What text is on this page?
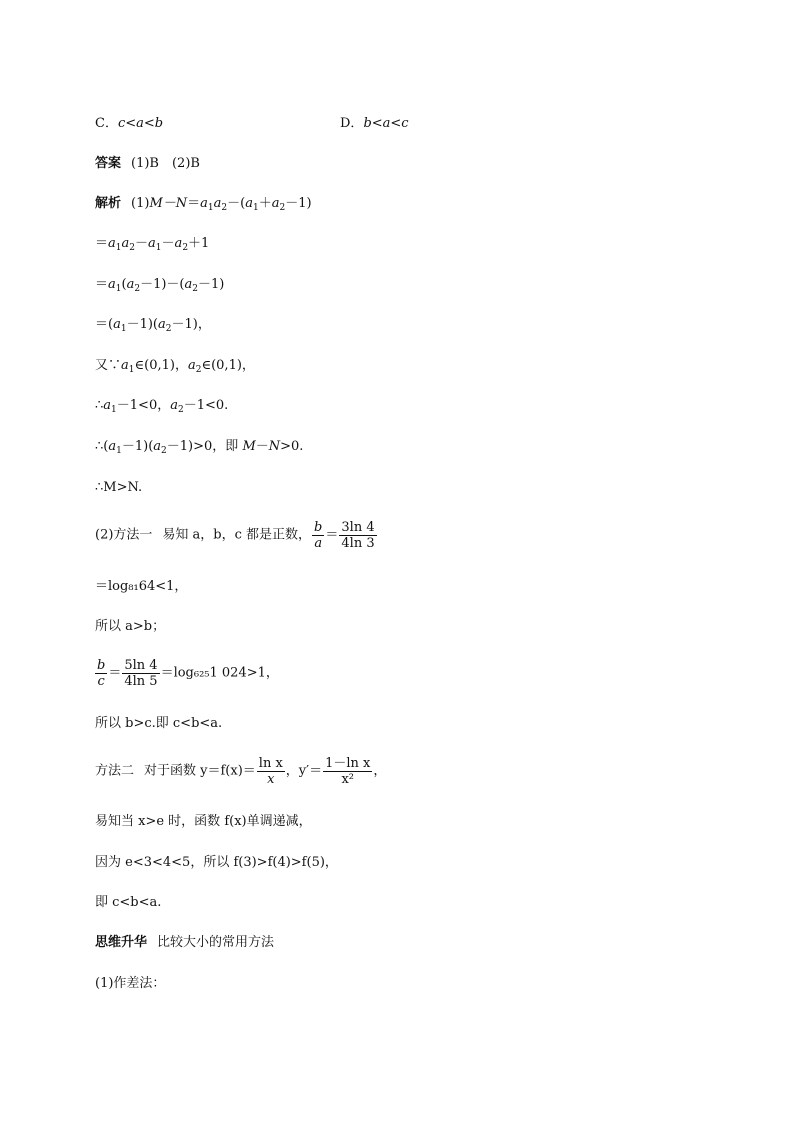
C．c<a<b	D．b<a<c
答案 (1)B　(2)B
解析 $(1)M-N=a_1a_2-(a_1+a_2-1)$
$=a_1a_2-a_1-a_2+1$
$=a_1(a_2-1)-(a_2-1)$
$=(a_1-1)(a_2-1)$，
又$\because a_1\in(0,1)$，$a_2\in(0,1)$，
$\therefore a_1-1<0$，$a_2-1<0$.
$\therefore(a_1-1)(a_2-1)>0$，即 M－N>0.
∴M>N.
(2)方法一 易知 a，b，c 都是正数， $\frac{b}{a} = \frac{3\ln 4}{4\ln 3}$
＝log₈₁64<1，
所以 a>b；
$\frac{b}{c} = \frac{5\ln 4}{4\ln 5} =\log_{625}1$ 024>1，
所以 b>c.即 c<b<a.
方法二 对于函数 $y=f(x)= \frac{\text{ln x}}{x}$ ，$y'= \frac{\text{1－ln x}}{\text{x²}}$ ，
易知当 x>e 时，函数 f(x)单调递减，
因为 e<3<4<5，所以 f(3)>f(4)>f(5)，
即 c<b<a.
思维升华 比较大小的常用方法
(1)作差法：
